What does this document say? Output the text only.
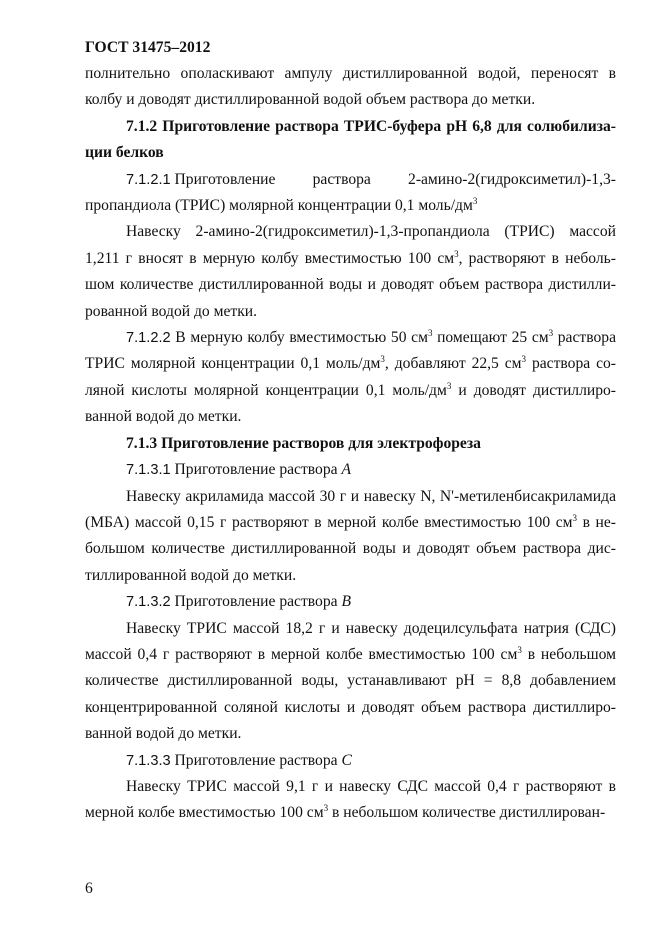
ГОСТ 31475–2012

полнительно ополаскивают ампулу дистиллированной водой, переносят в колбу и доводят дистиллированной водой объем раствора до метки.

7.1.2 Приготовление раствора ТРИС-буфера рН 6,8 для солюбилиза-ции белков

7.1.2.1 Приготовление раствора 2-амино-2(гидроксиметил)-1,3-

пропандиола (ТРИС) молярной концентрации 0,1 моль/$дм^3$

Навеску 2-амино-2(гидроксиметил)-1,3-пропандиола (ТРИС) массой 1,211 г вносят в мерную колбу вместимостью 100 $см^3$, растворяют в неболь-шом количестве дистиллированной воды и доводят объем раствора дистилли-рованной водой до метки.

7.1.2.2 В мерную колбу вместимостью 50 $см^3$ помещают 25 $см^3$ раствора ТРИС молярной концентрации 0,1 моль/$дм^3$, добавляют 22,5 $см^3$ раствора со-ляной кислоты молярной концентрации 0,1 моль/$дм^3$ и доводят дистиллиро-ванной водой до метки.

7.1.3 Приготовление растворов для электрофореза

7.1.3.1 Приготовление раствора А

Навеску акриламида массой 30 г и навеску N, N'-метиленбисакриламида (МБА) массой 0,15 г растворяют в мерной колбе вместимостью 100 $см^3$ в не-большом количестве дистиллированной воды и доводят объем раствора дис-тиллированной водой до метки.

7.1.3.2 Приготовление раствора В

Навеску ТРИС массой 18,2 г и навеску додецилсульфата натрия (СДС) массой 0,4 г растворяют в мерной колбе вместимостью 100 $см^3$ в небольшом количестве дистиллированной воды, устанавливают рН = 8,8 добавлением концентрированной соляной кислоты и доводят объем раствора дистиллиро-ванной водой до метки.

7.1.3.3 Приготовление раствора С

Навеску ТРИС массой 9,1 г и навеску СДС массой 0,4 г растворяют в мерной колбе вместимостью 100 $см^3$ в небольшом количестве дистиллирован-

6
